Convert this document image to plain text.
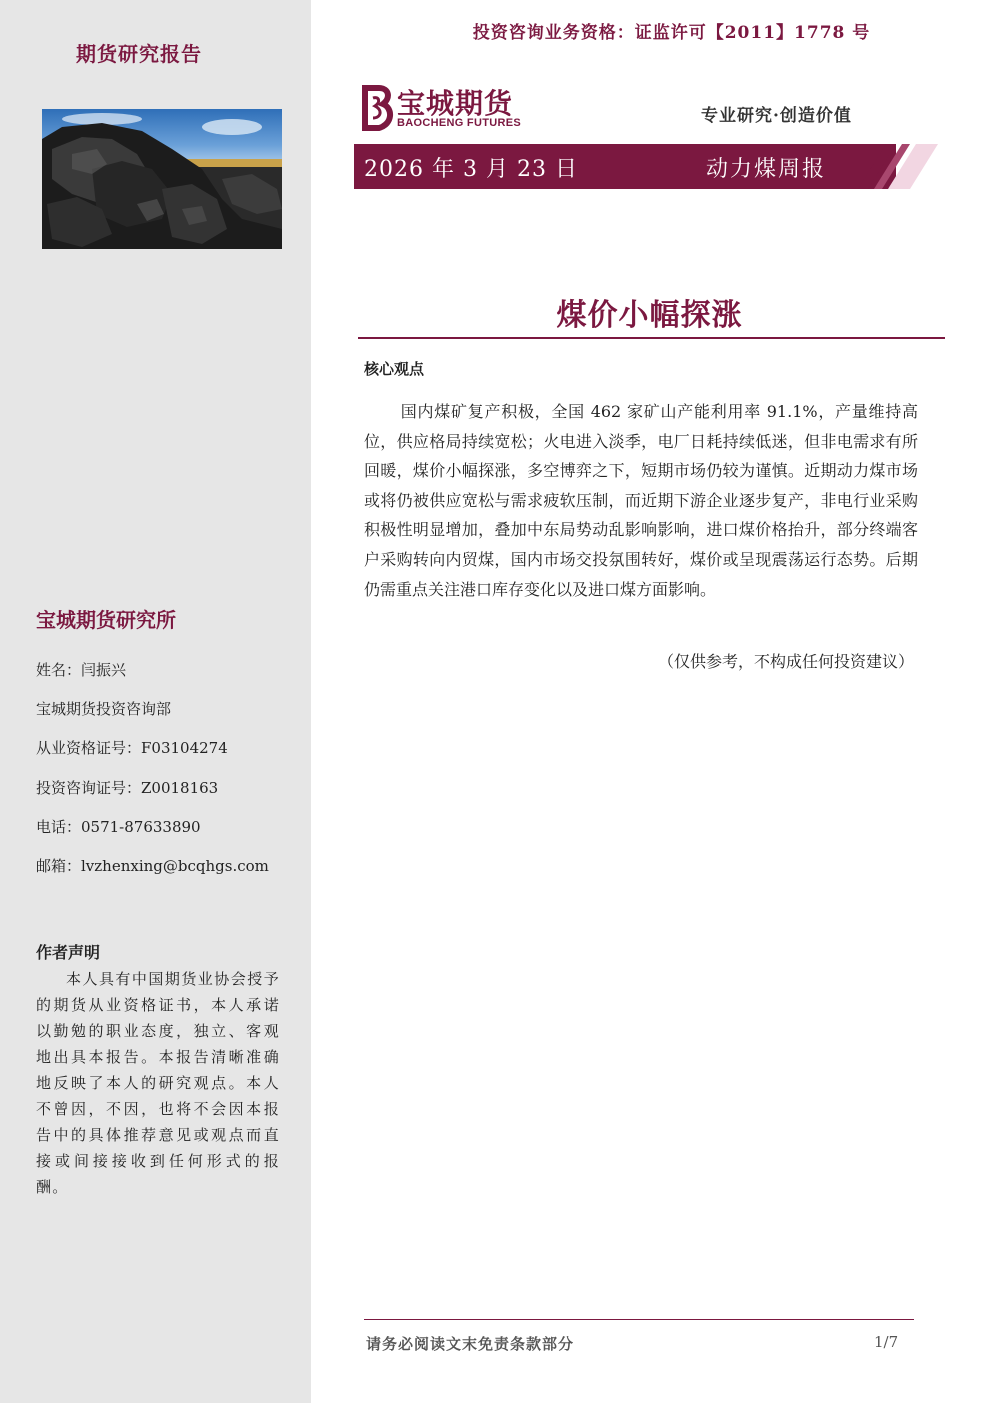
期货研究报告
宝城期货研究所
姓名：闫振兴
宝城期货投资咨询部
从业资格证号：F03104274
投资咨询证号：Z0018163
电话：0571-87633890
邮箱：lvzhenxing@bcqhgs.com
作者声明
本人具有中国期货业协会授予的期货从业资格证书，本人承诺以勤勉的职业态度，独立、客观地出具本报告。本报告清晰准确地反映了本人的研究观点。本人不曾因，不因，也将不会因本报告中的具体推荐意见或观点而直接或间接接收到任何形式的报酬。
投资咨询业务资格：证监许可【2011】1778 号
宝城期货
BAOCHENG FUTURES	专业研究·创造价值
2026 年 3 月 23 日	动力煤周报
煤价小幅探涨
核心观点
国内煤矿复产积极，全国 462 家矿山产能利用率 91.1%，产量维持高位，供应格局持续宽松；火电进入淡季，电厂日耗持续低迷，但非电需求有所回暖，煤价小幅探涨，多空博弈之下，短期市场仍较为谨慎。近期动力煤市场或将仍被供应宽松与需求疲软压制，而近期下游企业逐步复产，非电行业采购积极性明显增加，叠加中东局势动乱影响影响，进口煤价格抬升，部分终端客户采购转向内贸煤，国内市场交投氛围转好，煤价或呈现震荡运行态势。后期仍需重点关注港口库存变化以及进口煤方面影响。
（仅供参考，不构成任何投资建议）
请务必阅读文末免责条款部分	1/7
